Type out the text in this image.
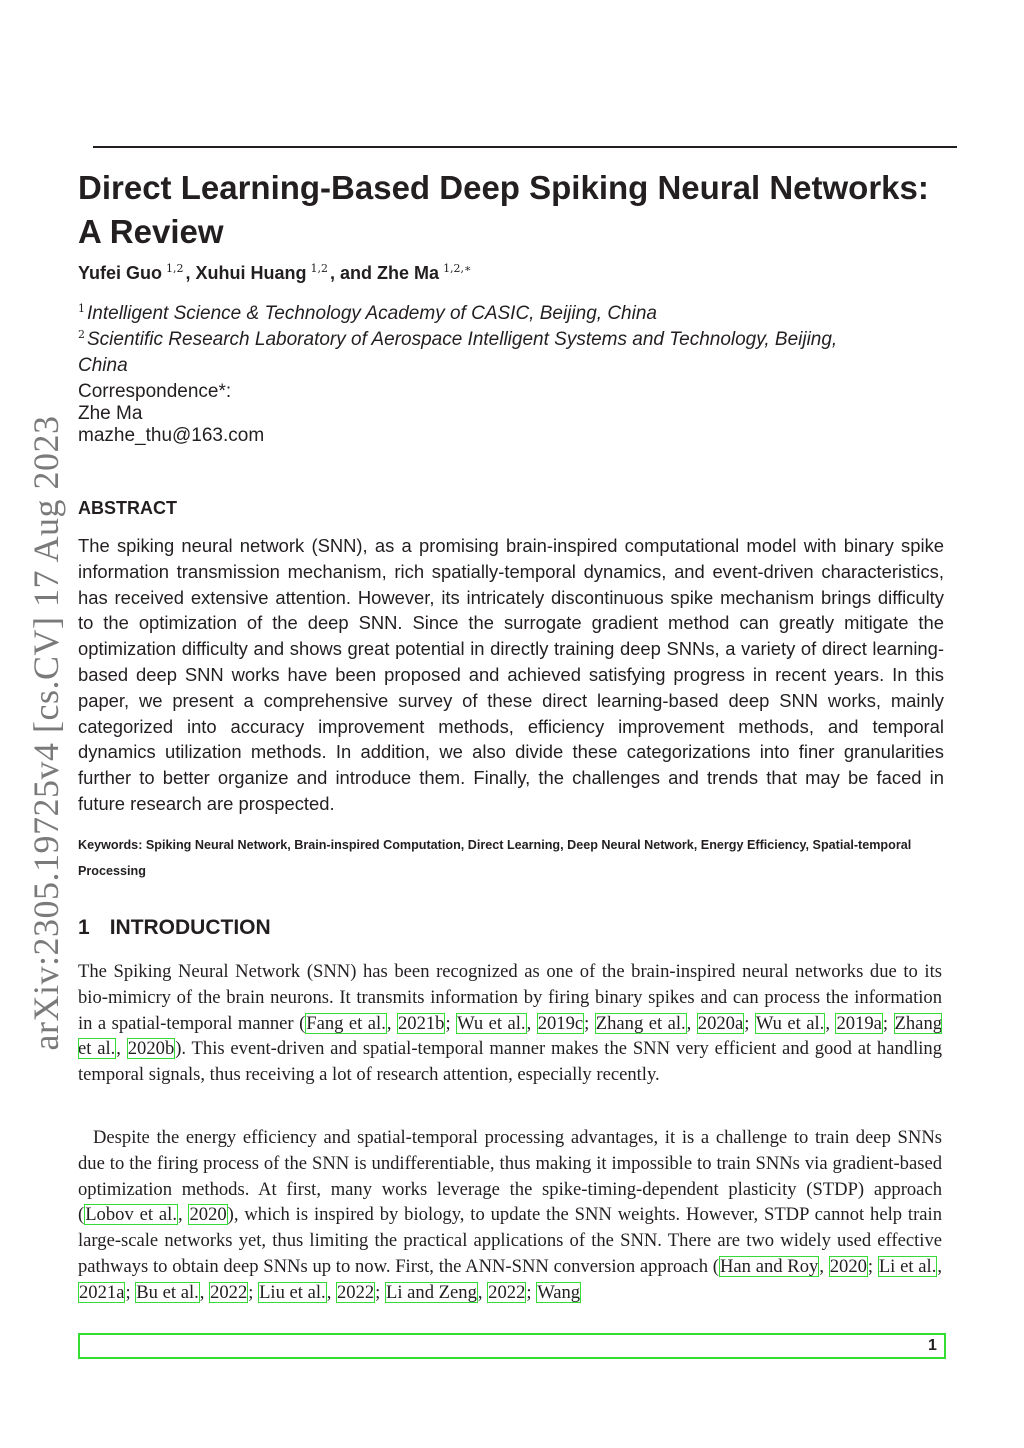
Direct Learning-Based Deep Spiking Neural Networks: A Review
Yufei Guo $^{1,2}$ , Xuhui Huang $^{1,2}$ , and Zhe Ma $^{1,2,∗}$
$^1$ Intelligent Science & Technology Academy of CASIC, Beijing, China
$^2$ Scientific Research Laboratory of Aerospace Intelligent Systems and Technology, Beijing, China
Correspondence*:
Zhe Ma
mazhe_thu@163.com
ABSTRACT

The spiking neural network (SNN), as a promising brain-inspired computational model with binary spike information transmission mechanism, rich spatially-temporal dynamics, and event-driven characteristics, has received extensive attention. However, its intricately discontinuous spike mechanism brings difficulty to the optimization of the deep SNN. Since the surrogate gradient method can greatly mitigate the optimization difficulty and shows great potential in directly training deep SNNs, a variety of direct learning-based deep SNN works have been proposed and achieved satisfying progress in recent years. In this paper, we present a comprehensive survey of these direct learning-based deep SNN works, mainly categorized into accuracy improvement methods, efficiency improvement methods, and temporal dynamics utilization methods. In addition, we also divide these categorizations into finer granularities further to better organize and introduce them. Finally, the challenges and trends that may be faced in future research are prospected.

Keywords: Spiking Neural Network, Brain-inspired Computation, Direct Learning, Deep Neural Network, Energy Efficiency, Spatial-temporal Processing

1 INTRODUCTION

The Spiking Neural Network (SNN) has been recognized as one of the brain-inspired neural networks due to its bio-mimicry of the brain neurons. It transmits information by firing binary spikes and can process the information in a spatial-temporal manner (Fang et al., 2021b; Wu et al., 2019c; Zhang et al., 2020a; Wu et al., 2019a; Zhang et al., 2020b). This event-driven and spatial-temporal manner makes the SNN very efficient and good at handling temporal signals, thus receiving a lot of research attention, especially recently.

Despite the energy efficiency and spatial-temporal processing advantages, it is a challenge to train deep SNNs due to the firing process of the SNN is undifferentiable, thus making it impossible to train SNNs via gradient-based optimization methods. At first, many works leverage the spike-timing-dependent plasticity (STDP) approach (Lobov et al., 2020), which is inspired by biology, to update the SNN weights. However, STDP cannot help train large-scale networks yet, thus limiting the practical applications of the SNN. There are two widely used effective pathways to obtain deep SNNs up to now. First, the ANN-SNN conversion approach (Han and Roy, 2020; Li et al., 2021a; Bu et al., 2022; Liu et al., 2022; Li and Zeng, 2022; Wang

arXiv:2305.19725v4 [cs.CV] 17 Aug 2023
1
